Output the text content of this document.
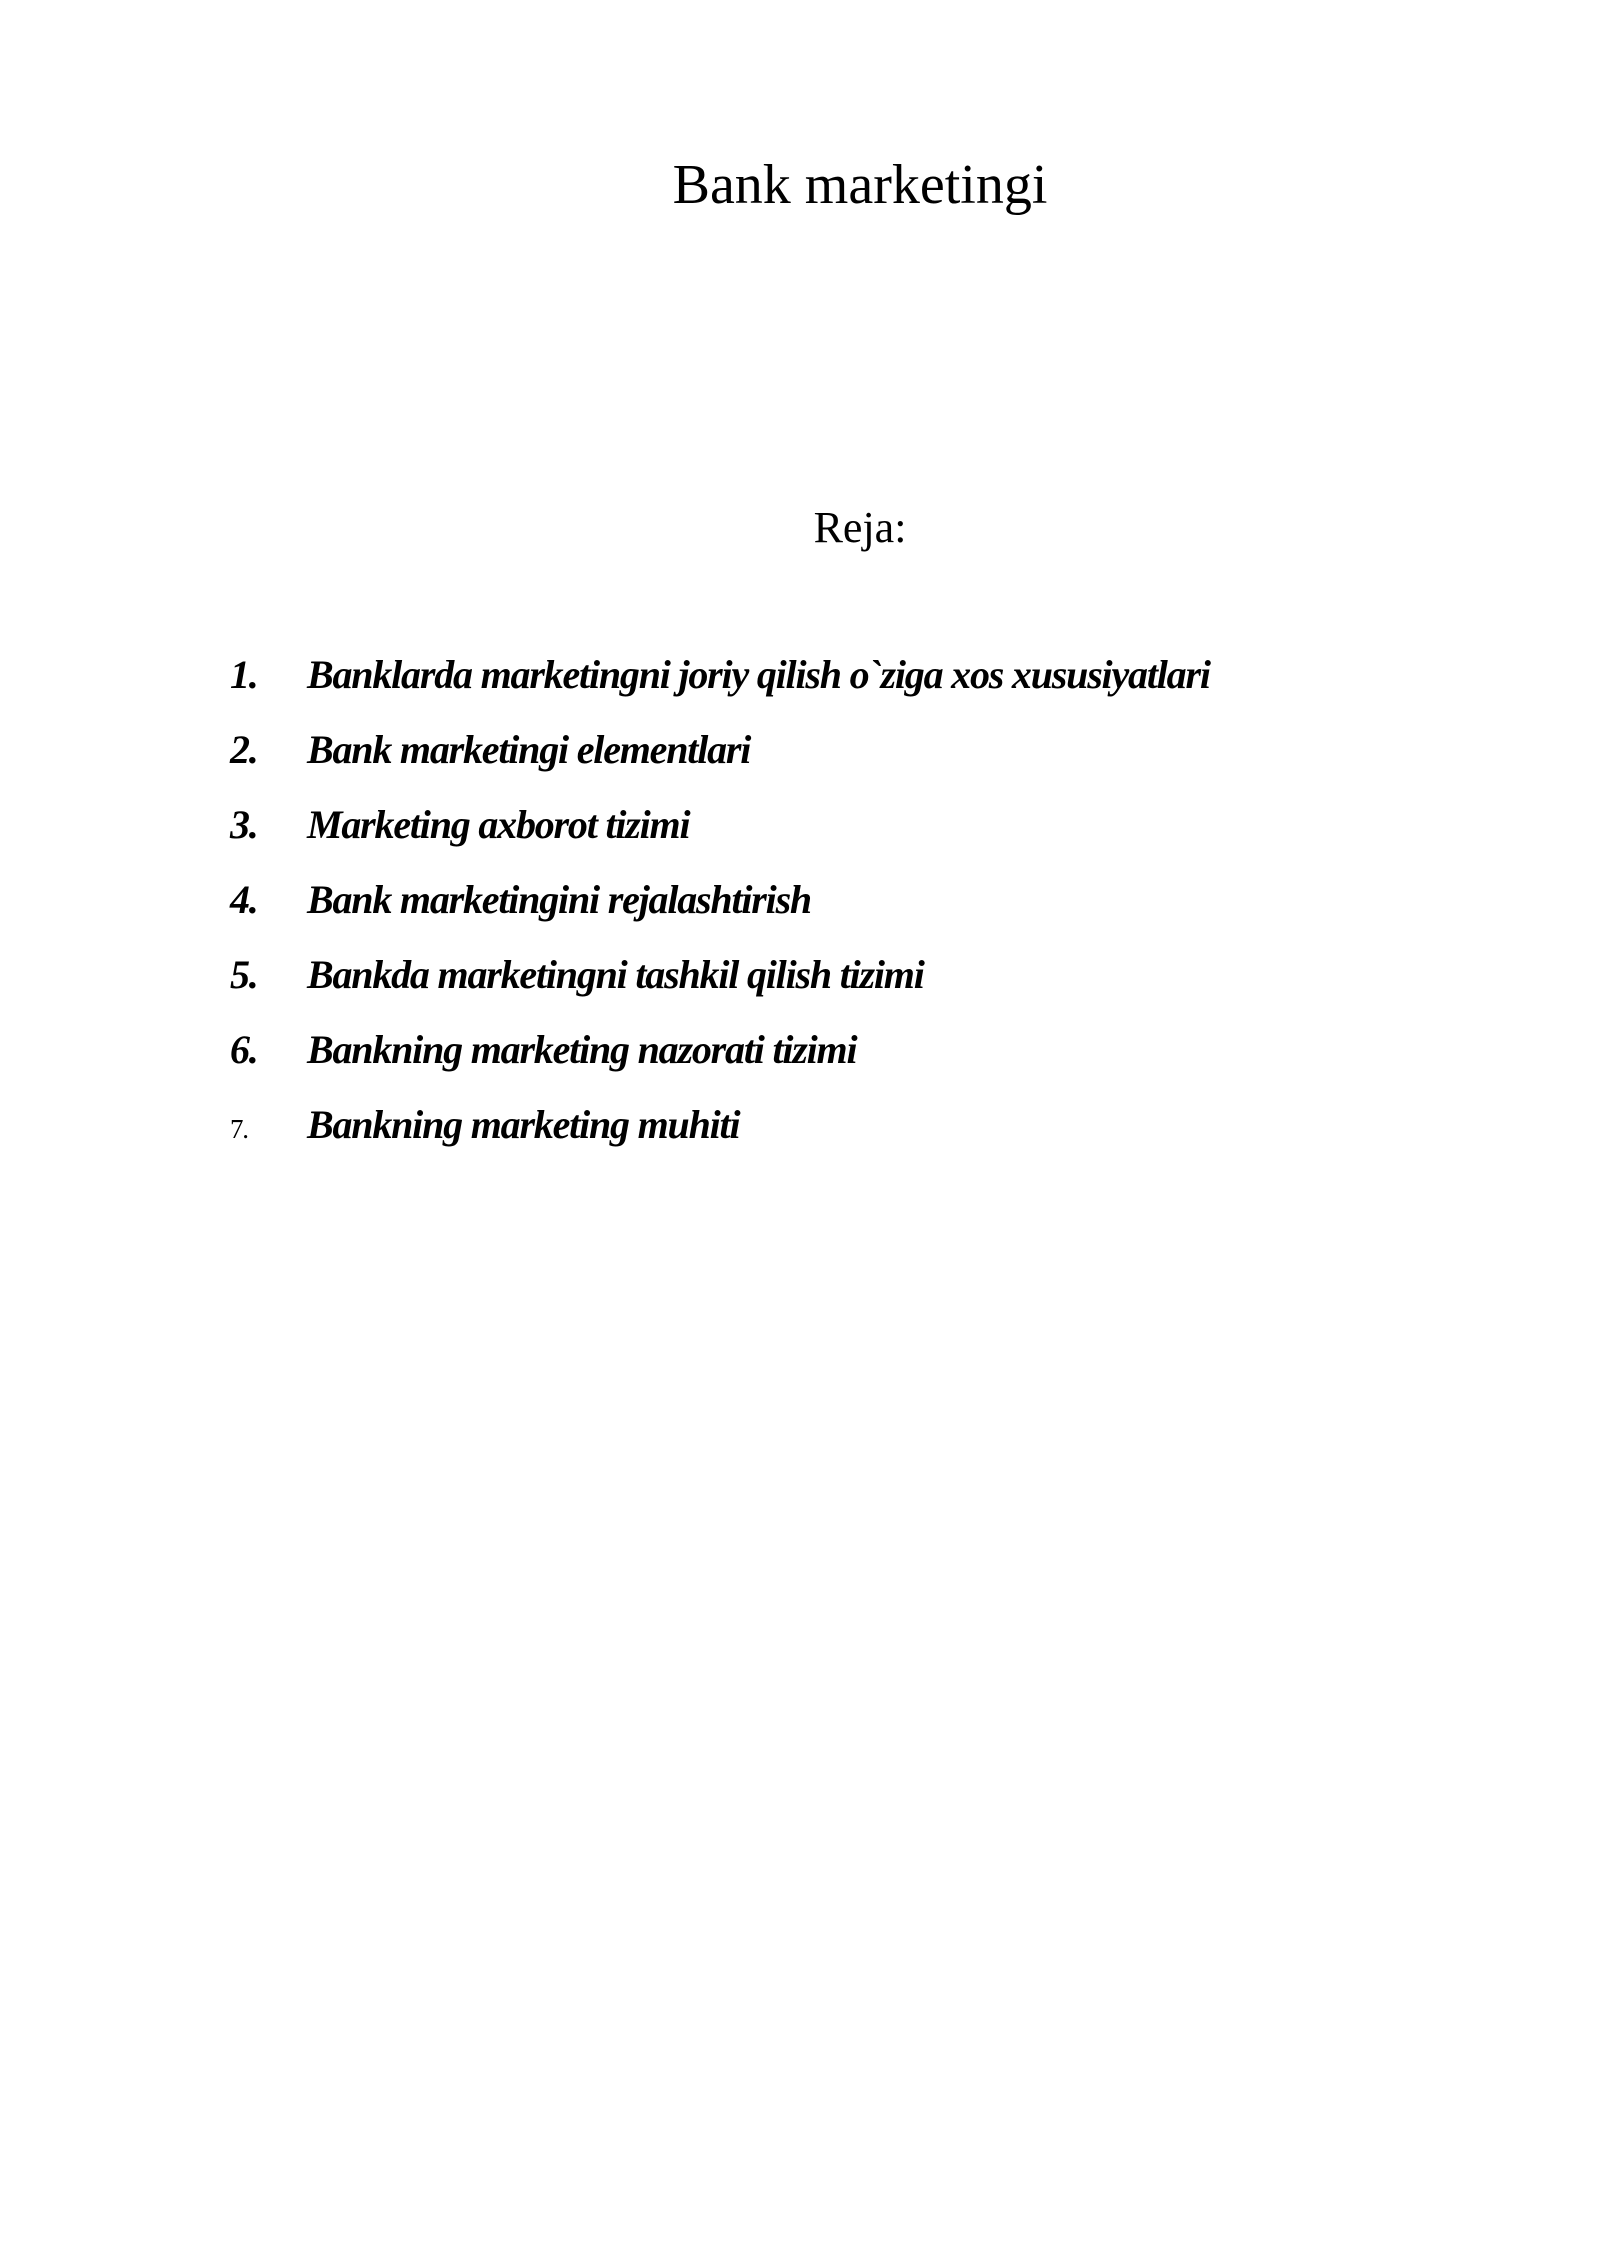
Bank marketingi
Reja:
1.	Banklarda marketingni joriy qilish o`ziga xos xususiyatlari
2.	Bank marketingi elementlari
3.	Marketing axborot tizimi
4.	Bank marketingini rejalashtirish
5.	Bankda marketingni tashkil qilish tizimi
6.	Bankning marketing nazorati tizimi
7.	Bankning marketing muhiti
